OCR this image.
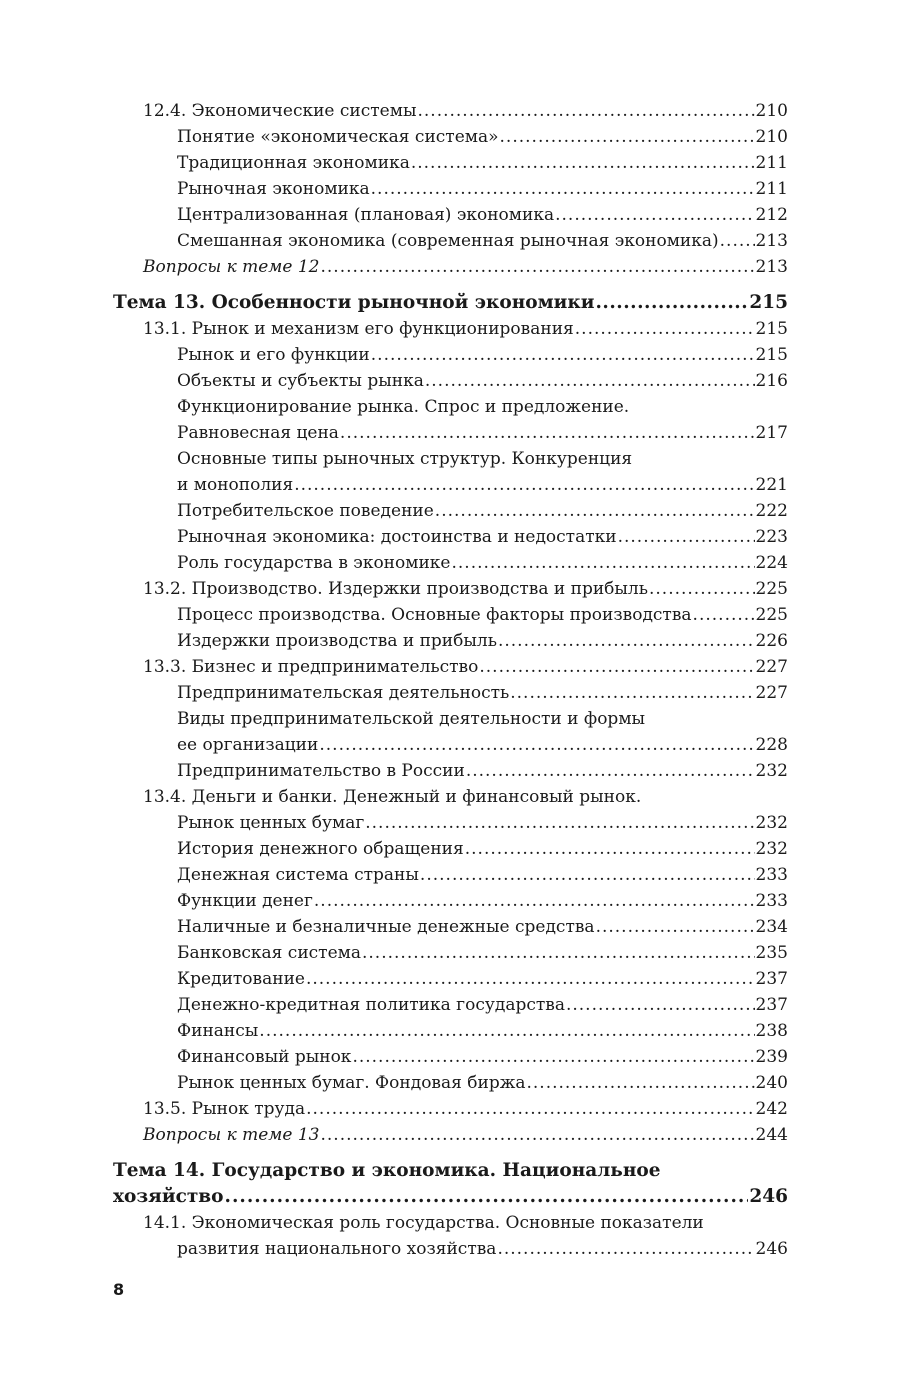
12.4. Экономические системы .....	210
Понятие «экономическая система» .....	210
Традиционная экономика .....	211
Рыночная экономика .....	211
Централизованная (плановая) экономика .....	212
Смешанная экономика (современная рыночная экономика) ..... 213
Вопросы к теме 12 .....	213
Тема 13. Особенности рыночной экономики .....	215
13.1. Рынок и механизм его функционирования .....	215
Рынок и его функции .....	215
Объекты и субъекты рынка .....	216
Функционирование рынка. Спрос и предложение.
Равновесная цена .....	217
Основные типы рыночных структур. Конкуренция
и монополия .....	221
Потребительское поведение .....	222
Рыночная экономика: достоинства и недостатки .....	223
Роль государства в экономике .....	224
13.2. Производство. Издержки производства и прибыль .....	225
Процесс производства. Основные факторы производства .....	225
Издержки производства и прибыль .....	226
13.3. Бизнес и предпринимательство .....	227
Предпринимательская деятельность .....	227
Виды предпринимательской деятельности и формы
ее организации .....	228
Предпринимательство в России .....	232
13.4. Деньги и банки. Денежный и финансовый рынок.
Рынок ценных бумаг .....	232
История денежного обращения .....	232
Денежная система страны .....	233
Функции денег .....	233
Наличные и безналичные денежные средства .....	234
Банковская система .....	235
Кредитование .....	237
Денежно-кредитная политика государства .....	237
Финансы .....	238
Финансовый рынок .....	239
Рынок ценных бумаг. Фондовая биржа .....	240
13.5. Рынок труда .....	242
Вопросы к теме 13 .....	244
Тема 14. Государство и экономика. Национальное
хозяйство .....	246
14.1. Экономическая роль государства. Основные показатели
развития национального хозяйства .....	246
8
